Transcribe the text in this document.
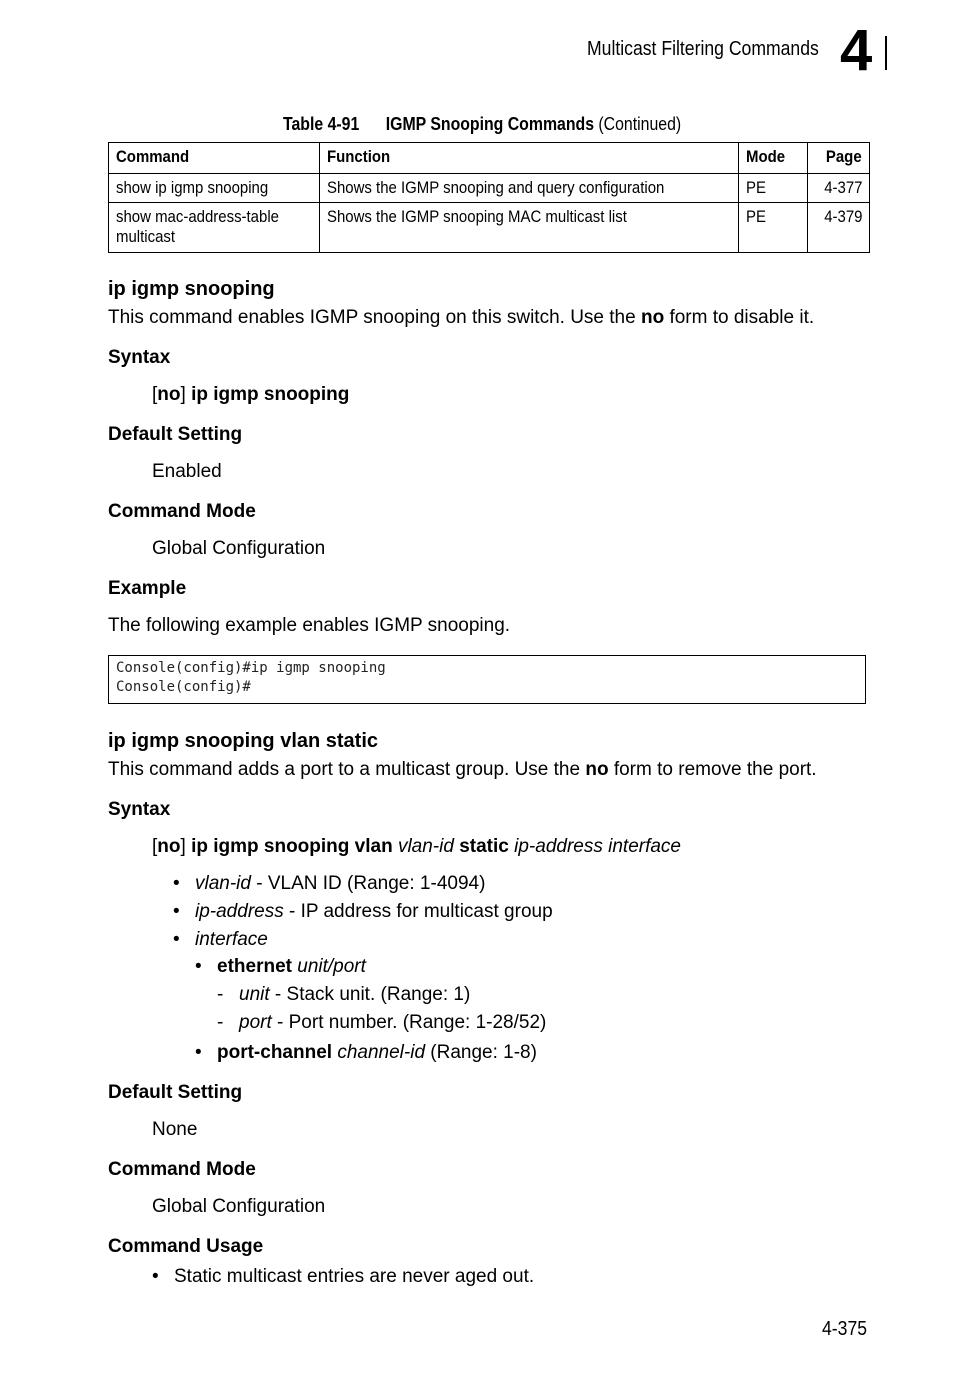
Multicast Filtering Commands 4
Table 4-91 IGMP Snooping Commands (Continued)
Command	Function	Mode	Page
show ip igmp snooping	Shows the IGMP snooping and query configuration	PE	4-377

show mac-address-table multicast	Shows the IGMP snooping MAC multicast list	PE	4-379
ip igmp snooping
This command enables IGMP snooping on this switch. Use the no form to disable it.
Syntax
[no] ip igmp snooping
Default Setting
Enabled
Command Mode
Global Configuration
Example
The following example enables IGMP snooping.
Console(config)#ip igmp snooping
Console(config)#
ip igmp snooping vlan static
This command adds a port to a multicast group. Use the no form to remove the port.
Syntax
[no] ip igmp snooping vlan vlan-id static ip-address interface
• vlan-id - VLAN ID (Range: 1-4094)
• ip-address - IP address for multicast group
• interface
• ethernet unit/port
- unit - Stack unit. (Range: 1)
- port - Port number. (Range: 1-28/52)
• port-channel channel-id (Range: 1-8)
Default Setting
None
Command Mode
Global Configuration
Command Usage
• Static multicast entries are never aged out.
4-375
